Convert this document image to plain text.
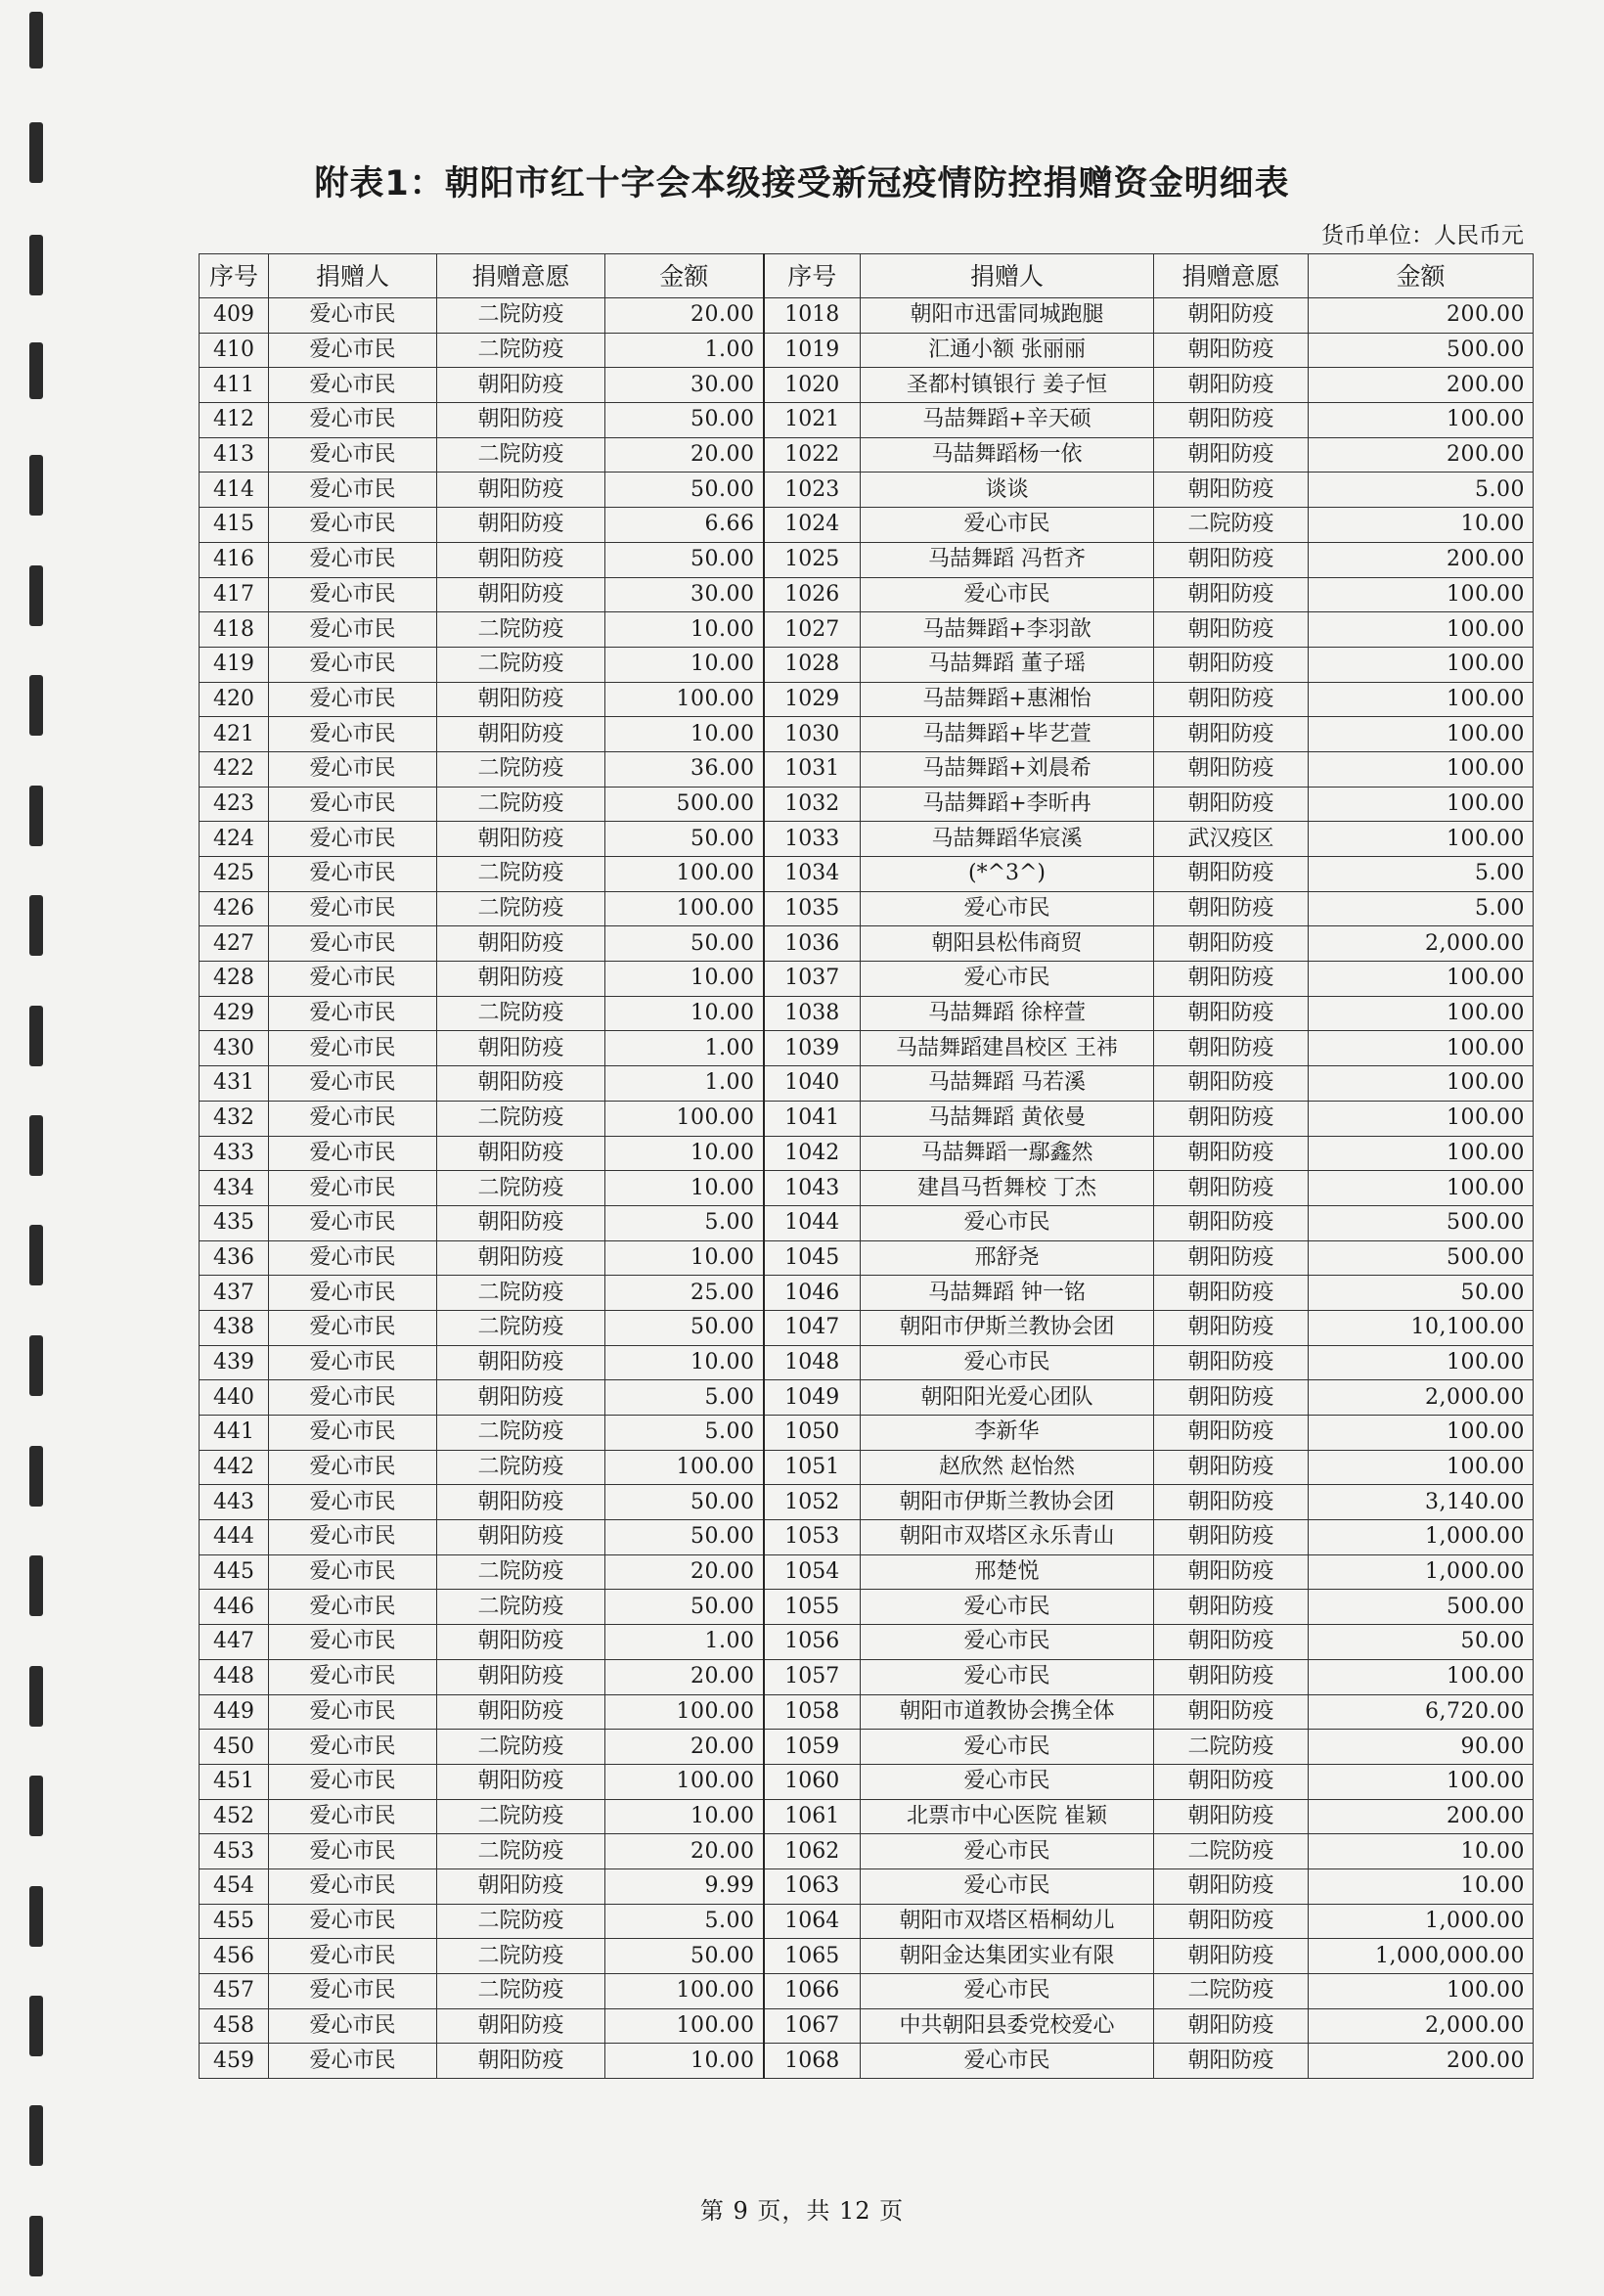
附表1：朝阳市红十字会本级接受新冠疫情防控捐赠资金明细表
货币单位：人民币元
序号	捐赠人	捐赠意愿	金额	序号	捐赠人	捐赠意愿	金额
409	爱心市民	二院防疫	20.00	1018	朝阳市迅雷同城跑腿	朝阳防疫	200.00
410	爱心市民	二院防疫	1.00	1019	汇通小额 张丽丽	朝阳防疫	500.00
411	爱心市民	朝阳防疫	30.00	1020	圣都村镇银行 姜子恒	朝阳防疫	200.00
412	爱心市民	朝阳防疫	50.00	1021	马喆舞蹈+辛天硕	朝阳防疫	100.00
413	爱心市民	二院防疫	20.00	1022	马喆舞蹈杨一依	朝阳防疫	200.00
414	爱心市民	朝阳防疫	50.00	1023	谈谈	朝阳防疫	5.00
415	爱心市民	朝阳防疫	6.66	1024	爱心市民	二院防疫	10.00
416	爱心市民	朝阳防疫	50.00	1025	马喆舞蹈 冯哲齐	朝阳防疫	200.00
417	爱心市民	朝阳防疫	30.00	1026	爱心市民	朝阳防疫	100.00
418	爱心市民	二院防疫	10.00	1027	马喆舞蹈+李羽歆	朝阳防疫	100.00
419	爱心市民	二院防疫	10.00	1028	马喆舞蹈 董子瑶	朝阳防疫	100.00
420	爱心市民	朝阳防疫	100.00	1029	马喆舞蹈+惠湘怡	朝阳防疫	100.00
421	爱心市民	朝阳防疫	10.00	1030	马喆舞蹈+毕艺萱	朝阳防疫	100.00
422	爱心市民	二院防疫	36.00	1031	马喆舞蹈+刘晨希	朝阳防疫	100.00
423	爱心市民	二院防疫	500.00	1032	马喆舞蹈+李昕冉	朝阳防疫	100.00
424	爱心市民	朝阳防疫	50.00	1033	马喆舞蹈华宸溪	武汉疫区	100.00
425	爱心市民	二院防疫	100.00	1034	(*^3^)	朝阳防疫	5.00
426	爱心市民	二院防疫	100.00	1035	爱心市民	朝阳防疫	5.00
427	爱心市民	朝阳防疫	50.00	1036	朝阳县松伟商贸	朝阳防疫	2,000.00
428	爱心市民	朝阳防疫	10.00	1037	爱心市民	朝阳防疫	100.00
429	爱心市民	二院防疫	10.00	1038	马喆舞蹈 徐梓萱	朝阳防疫	100.00
430	爱心市民	朝阳防疫	1.00	1039	马喆舞蹈建昌校区 王祎	朝阳防疫	100.00
431	爱心市民	朝阳防疫	1.00	1040	马喆舞蹈 马若溪	朝阳防疫	100.00
432	爱心市民	二院防疫	100.00	1041	马喆舞蹈 黄依曼	朝阳防疫	100.00
433	爱心市民	朝阳防疫	10.00	1042	马喆舞蹈一鄢鑫然	朝阳防疫	100.00
434	爱心市民	二院防疫	10.00	1043	建昌马哲舞校 丁杰	朝阳防疫	100.00
435	爱心市民	朝阳防疫	5.00	1044	爱心市民	朝阳防疫	500.00
436	爱心市民	朝阳防疫	10.00	1045	邢舒尧	朝阳防疫	500.00
437	爱心市民	二院防疫	25.00	1046	马喆舞蹈 钟一铭	朝阳防疫	50.00
438	爱心市民	二院防疫	50.00	1047	朝阳市伊斯兰教协会团	朝阳防疫	10,100.00
439	爱心市民	朝阳防疫	10.00	1048	爱心市民	朝阳防疫	100.00
440	爱心市民	朝阳防疫	5.00	1049	朝阳阳光爱心团队	朝阳防疫	2,000.00
441	爱心市民	二院防疫	5.00	1050	李新华	朝阳防疫	100.00
442	爱心市民	二院防疫	100.00	1051	赵欣然 赵怡然	朝阳防疫	100.00
443	爱心市民	朝阳防疫	50.00	1052	朝阳市伊斯兰教协会团	朝阳防疫	3,140.00
444	爱心市民	朝阳防疫	50.00	1053	朝阳市双塔区永乐青山	朝阳防疫	1,000.00
445	爱心市民	二院防疫	20.00	1054	邢楚悦	朝阳防疫	1,000.00
446	爱心市民	二院防疫	50.00	1055	爱心市民	朝阳防疫	500.00
447	爱心市民	朝阳防疫	1.00	1056	爱心市民	朝阳防疫	50.00
448	爱心市民	朝阳防疫	20.00	1057	爱心市民	朝阳防疫	100.00
449	爱心市民	朝阳防疫	100.00	1058	朝阳市道教协会携全体	朝阳防疫	6,720.00
450	爱心市民	二院防疫	20.00	1059	爱心市民	二院防疫	90.00
451	爱心市民	朝阳防疫	100.00	1060	爱心市民	朝阳防疫	100.00
452	爱心市民	二院防疫	10.00	1061	北票市中心医院 崔颖	朝阳防疫	200.00
453	爱心市民	二院防疫	20.00	1062	爱心市民	二院防疫	10.00
454	爱心市民	朝阳防疫	9.99	1063	爱心市民	朝阳防疫	10.00
455	爱心市民	二院防疫	5.00	1064	朝阳市双塔区梧桐幼儿	朝阳防疫	1,000.00
456	爱心市民	二院防疫	50.00	1065	朝阳金达集团实业有限	朝阳防疫	1,000,000.00
457	爱心市民	二院防疫	100.00	1066	爱心市民	二院防疫	100.00
458	爱心市民	朝阳防疫	100.00	1067	中共朝阳县委党校爱心	朝阳防疫	2,000.00
459	爱心市民	朝阳防疫	10.00	1068	爱心市民	朝阳防疫	200.00
第 9 页，共 12 页
